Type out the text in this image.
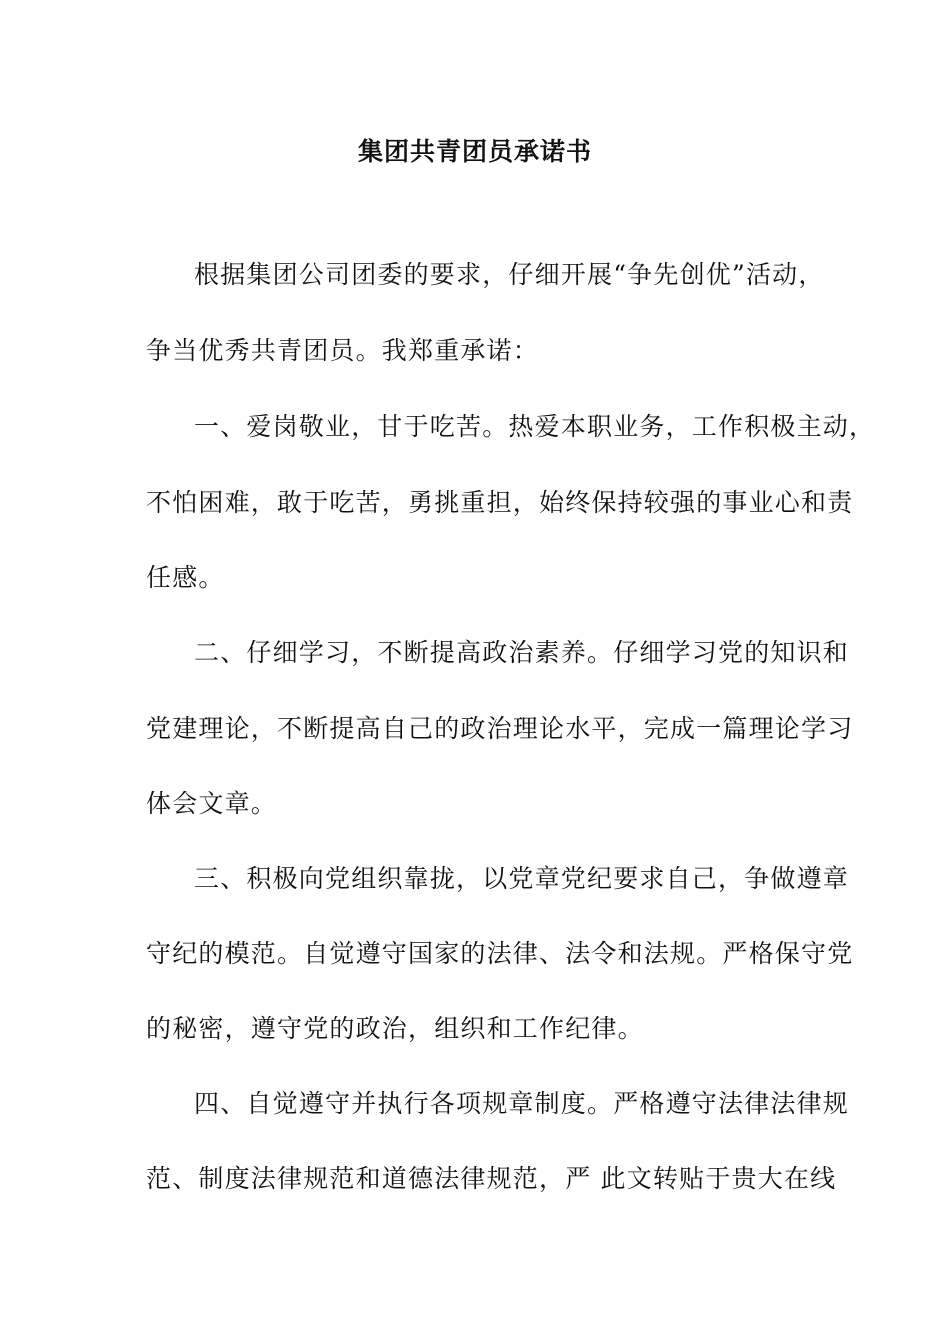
集团共青团员承诺书
根据集团公司团委的要求，仔细开展“争先创优”活动，
争当优秀共青团员。我郑重承诺：
一、爱岗敬业，甘于吃苦。热爱本职业务，工作积极主动，
不怕困难，敢于吃苦，勇挑重担，始终保持较强的事业心和责
任感。
二、仔细学习，不断提高政治素养。仔细学习党的知识和
党建理论，不断提高自己的政治理论水平，完成一篇理论学习
体会文章。
三、积极向党组织靠拢，以党章党纪要求自己，争做遵章
守纪的模范。自觉遵守国家的法律、法令和法规。严格保守党
的秘密，遵守党的政治，组织和工作纪律。
四、自觉遵守并执行各项规章制度。严格遵守法律法律规
范、制度法律规范和道德法律规范，严 此文转贴于贵大在线
